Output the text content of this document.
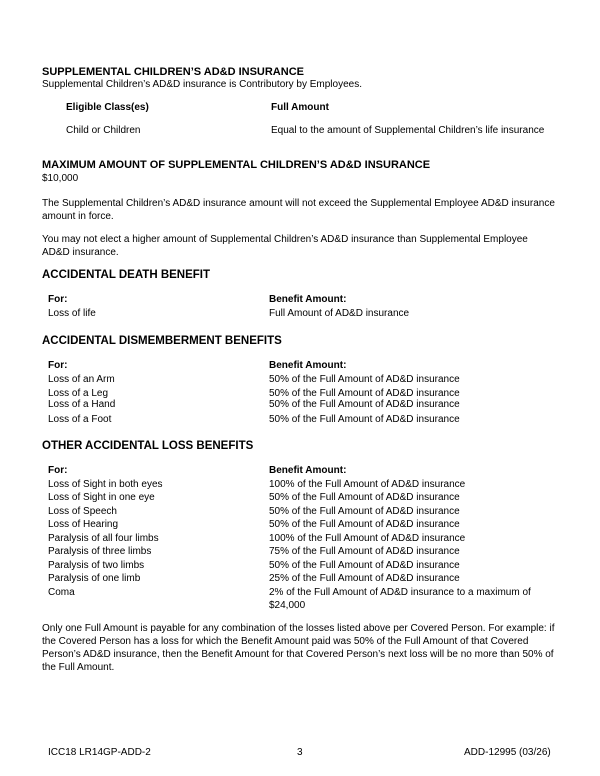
SUPPLEMENTAL CHILDREN’S AD&D INSURANCE
Supplemental Children’s AD&D insurance is Contributory by Employees.
Eligible Class(es)	Full Amount
Child or Children	Equal to the amount of Supplemental Children’s life insurance
MAXIMUM AMOUNT OF SUPPLEMENTAL CHILDREN’S AD&D INSURANCE
$10,000
The Supplemental Children’s AD&D insurance amount will not exceed the Supplemental Employee AD&D insurance amount in force.
You may not elect a higher amount of Supplemental Children’s AD&D insurance than Supplemental Employee AD&D insurance.
ACCIDENTAL DEATH BENEFIT
For:	Benefit Amount:
Loss of life	Full Amount of AD&D insurance
ACCIDENTAL DISMEMBERMENT BENEFITS
For:	Benefit Amount:
Loss of an Arm	50% of the Full Amount of AD&D insurance
Loss of a Leg	50% of the Full Amount of AD&D insurance
Loss of a Hand	50% of the Full Amount of AD&D insurance
Loss of a Foot	50% of the Full Amount of AD&D insurance
OTHER ACCIDENTAL LOSS BENEFITS
For:	Benefit Amount:
Loss of Sight in both eyes	100% of the Full Amount of AD&D insurance
Loss of Sight in one eye	50% of the Full Amount of AD&D insurance
Loss of Speech	50% of the Full Amount of AD&D insurance
Loss of Hearing	50% of the Full Amount of AD&D insurance
Paralysis of all four limbs	100% of the Full Amount of AD&D insurance
Paralysis of three limbs	75% of the Full Amount of AD&D insurance
Paralysis of two limbs	50% of the Full Amount of AD&D insurance
Paralysis of one limb	25% of the Full Amount of AD&D insurance
Coma	2% of the Full Amount of AD&D insurance to a maximum of $24,000
Only one Full Amount is payable for any combination of the losses listed above per Covered Person. For example: if the Covered Person has a loss for which the Benefit Amount paid was 50% of the Full Amount of that Covered Person’s AD&D insurance, then the Benefit Amount for that Covered Person’s next loss will be no more than 50% of the Full Amount.
ICC18 LR14GP-ADD-2	3	ADD-12995 (03/26)
